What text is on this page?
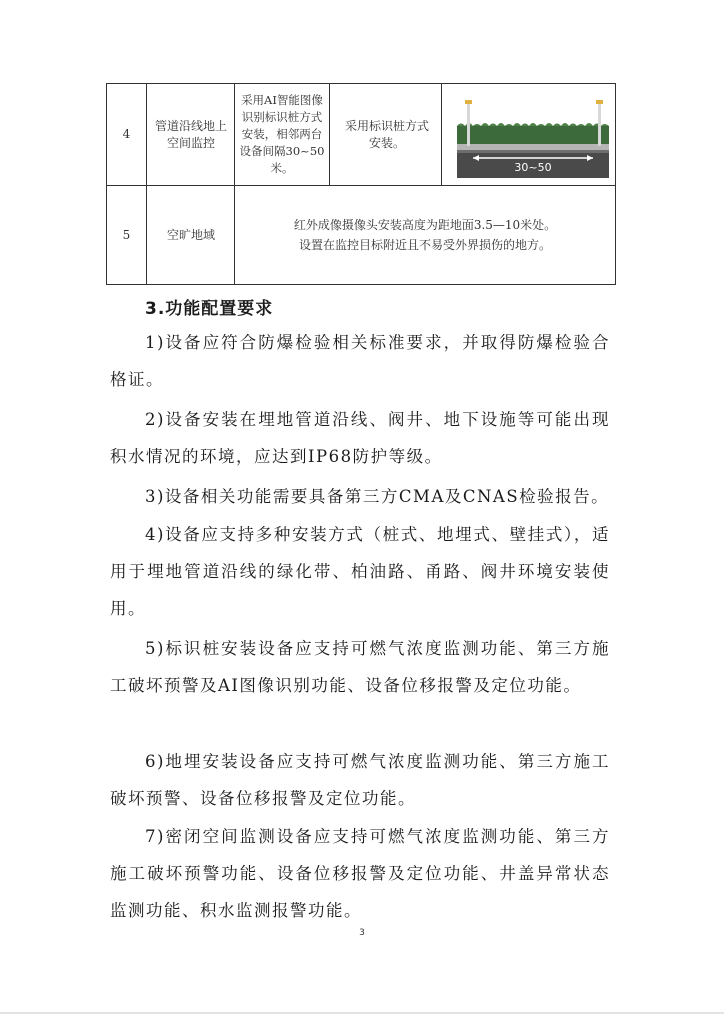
4
管道沿线地上空间监控
采用AI智能图像识别标识桩方式安装，相邻两台设备间隔30~50米。
采用标识桩方式安装。
30~50
5	空旷地域
红外成像摄像头安装高度为距地面3.5—10米处。
设置在监控目标附近且不易受外界损伤的地方。
3.功能配置要求
1)设备应符合防爆检验相关标准要求，并取得防爆检验合格证。
2)设备安装在埋地管道沿线、阀井、地下设施等可能出现积水情况的环境，应达到IP68防护等级。
3)设备相关功能需要具备第三方CMA及CNAS检验报告。
4)设备应支持多种安装方式（桩式、地埋式、壁挂式），适用于埋地管道沿线的绿化带、柏油路、甬路、阀井环境安装使用。
5)标识桩安装设备应支持可燃气浓度监测功能、第三方施工破坏预警及AI图像识别功能、设备位移报警及定位功能。
6)地埋安装设备应支持可燃气浓度监测功能、第三方施工破坏预警、设备位移报警及定位功能。
7)密闭空间监测设备应支持可燃气浓度监测功能、第三方施工破坏预警功能、设备位移报警及定位功能、井盖异常状态监测功能、积水监测报警功能。
3
